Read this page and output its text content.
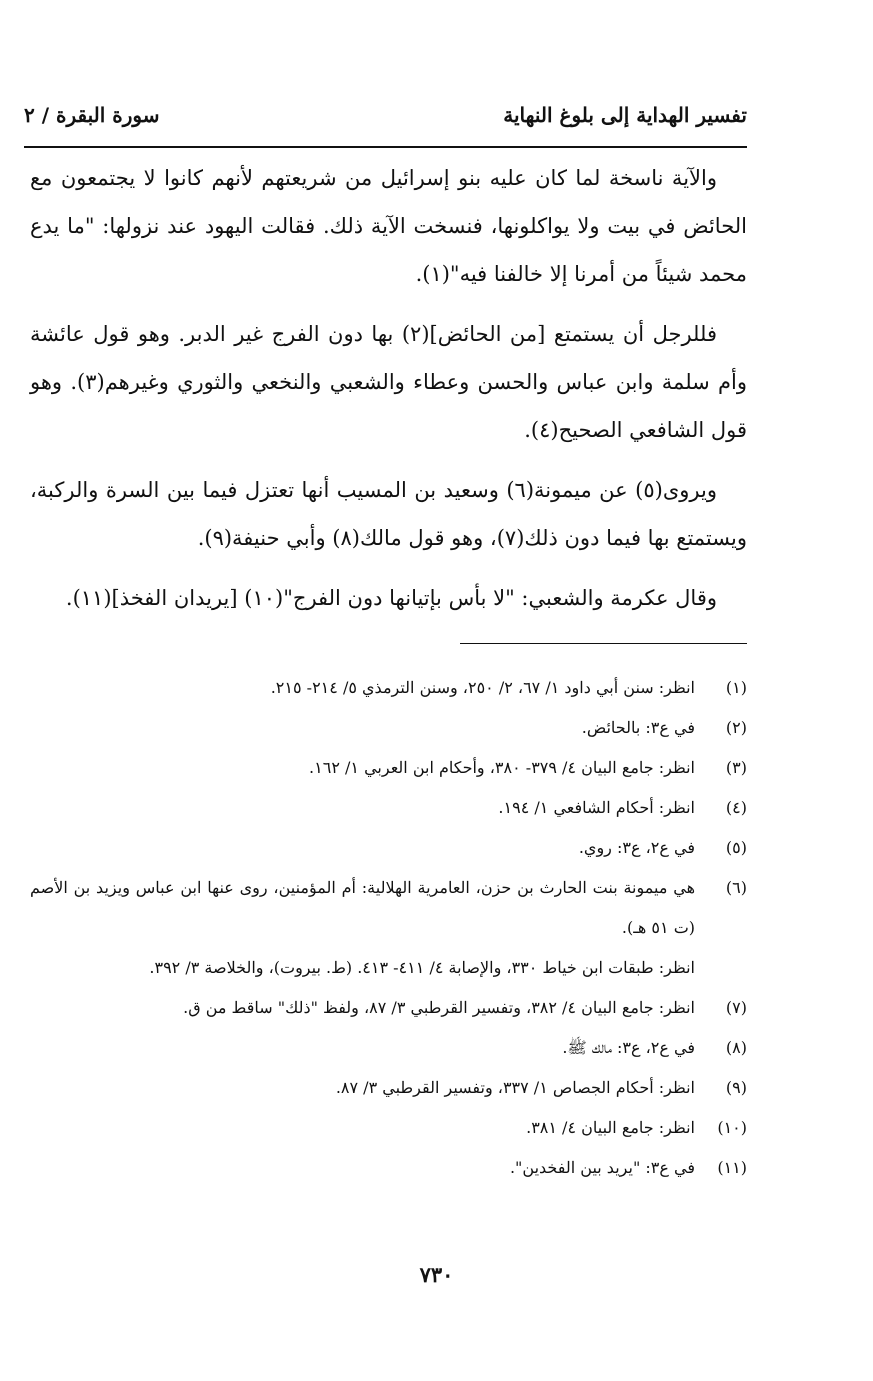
تفسير الهداية إلى بلوغ النهاية
سورة البقرة / ٢

والآية ناسخة لما كان عليه بنو إسرائيل من شريعتهم لأنهم كانوا لا يجتمعون مع الحائض في بيت ولا يواكلونها، فنسخت الآية ذلك. فقالت اليهود عند نزولها: "ما يدع محمد شيئاً من أمرنا إلا خالفنا فيه"(١).

فللرجل أن يستمتع [من الحائض](٢) بها دون الفرج غير الدبر. وهو قول عائشة وأم سلمة وابن عباس والحسن وعطاء والشعبي والنخعي والثوري وغيرهم(٣). وهو قول الشافعي الصحيح(٤).

ويروى(٥) عن ميمونة(٦) وسعيد بن المسيب أنها تعتزل فيما بين السرة والركبة، ويستمتع بها فيما دون ذلك(٧)، وهو قول مالك(٨) وأبي حنيفة(٩).

وقال عكرمة والشعبي: "لا بأس بإتيانها دون الفرج"(١٠) [يريدان الفخذ](١١).

(١)
انظر: سنن أبي داود ١/ ٦٧، ٢/ ٢٥٠، وسنن الترمذي ٥/ ٢١٤- ٢١٥.
(٢)
في ع٣: بالحائض.
(٣)
انظر: جامع البيان ٤/ ٣٧٩- ٣٨٠، وأحكام ابن العربي ١/ ١٦٢.
(٤)
انظر: أحكام الشافعي ١/ ١٩٤.
(٥)
في ع٢، ع٣: روي.
(٦)
هي ميمونة بنت الحارث بن حزن، العامرية الهلالية: أم المؤمنين، روى عنها ابن عباس ويزيد بن الأصم (ت ٥١ هـ).
انظر: طبقات ابن خياط ٣٣٠، والإصابة ٤/ ٤١١- ٤١٣. (ط. بيروت)، والخلاصة ٣/ ٣٩٢.
(٧)
انظر: جامع البيان ٤/ ٣٨٢، وتفسير القرطبي ٣/ ٨٧، ولفظ "ذلك" ساقط من ق.
(٨)
في ع٢، ع٣: مالك ﷺ.
(٩)
انظر: أحكام الجصاص ١/ ٣٣٧، وتفسير القرطبي ٣/ ٨٧.
(١٠)
انظر: جامع البيان ٤/ ٣٨١.
(١١)
في ع٣: "يريد بين الفخدين".
٧٣٠
